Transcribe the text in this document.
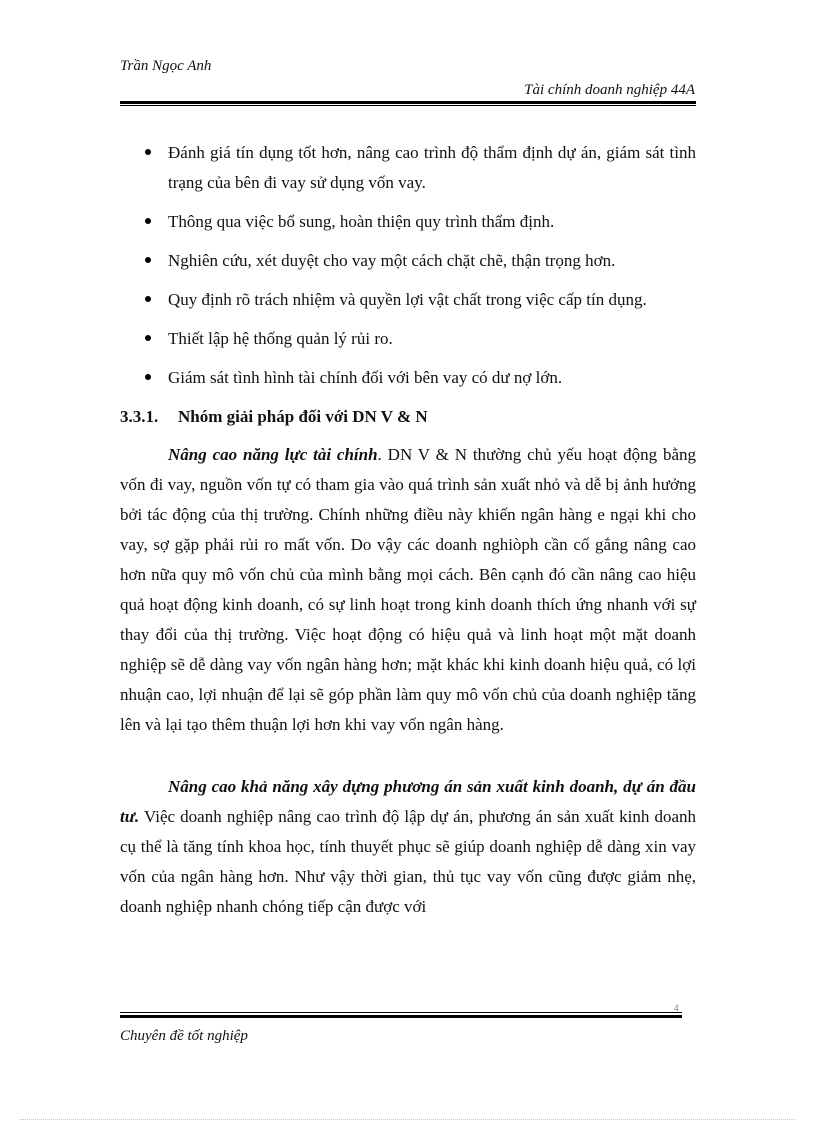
Trần Ngọc Anh
Tài chính doanh nghiệp 44A
Đánh giá tín dụng tốt hơn, nâng cao trình độ thẩm định dự án, giám sát tình trạng của bên đi vay sử dụng vốn vay.
Thông qua việc bổ sung, hoàn thiện quy trình thẩm định.
Nghiên cứu, xét duyệt cho vay một cách chặt chẽ, thận trọng hơn.
Quy định rõ trách nhiệm và quyền lợi vật chất trong việc cấp tín dụng.
Thiết lập hệ thống quản lý rủi ro.
Giám sát tình hình tài chính đối với bên vay có dư nợ lớn.
3.3.1. Nhóm giải pháp đối với DN V & N

Nâng cao năng lực tài chính. DN V & N thường chủ yếu hoạt động bằng vốn đi vay, nguồn vốn tự có tham gia vào quá trình sản xuất nhỏ và dễ bị ảnh hưởng bởi tác động của thị trường. Chính những điều này khiến ngân hàng e ngại khi cho vay, sợ gặp phải rủi ro mất vốn. Do vậy các doanh nghiòph cần cố gắng nâng cao hơn nữa quy mô vốn chủ của mình bằng mọi cách. Bên cạnh đó cần nâng cao hiệu quả hoạt động kinh doanh, có sự linh hoạt trong kinh doanh thích ứng nhanh với sự thay đổi của thị trường. Việc hoạt động có hiệu quả và linh hoạt một mặt doanh nghiệp sẽ dễ dàng vay vốn ngân hàng hơn; mặt khác khi kinh doanh hiệu quả, có lợi nhuận cao, lợi nhuận để lại sẽ góp phần làm quy mô vốn chủ của doanh nghiệp tăng lên và lại tạo thêm thuận lợi hơn khi vay vốn ngân hàng.

Nâng cao khả năng xây dựng phương án sản xuất kinh doanh, dự án đầu tư. Việc doanh nghiệp nâng cao trình độ lập dự án, phương án sản xuất kinh doanh cụ thể là tăng tính khoa học, tính thuyết phục sẽ giúp doanh nghiệp dễ dàng xin vay vốn của ngân hàng hơn. Như vậy thời gian, thủ tục vay vốn cũng được giảm nhẹ, doanh nghiệp nhanh chóng tiếp cận được với

4
Chuyên đề tốt nghiệp
